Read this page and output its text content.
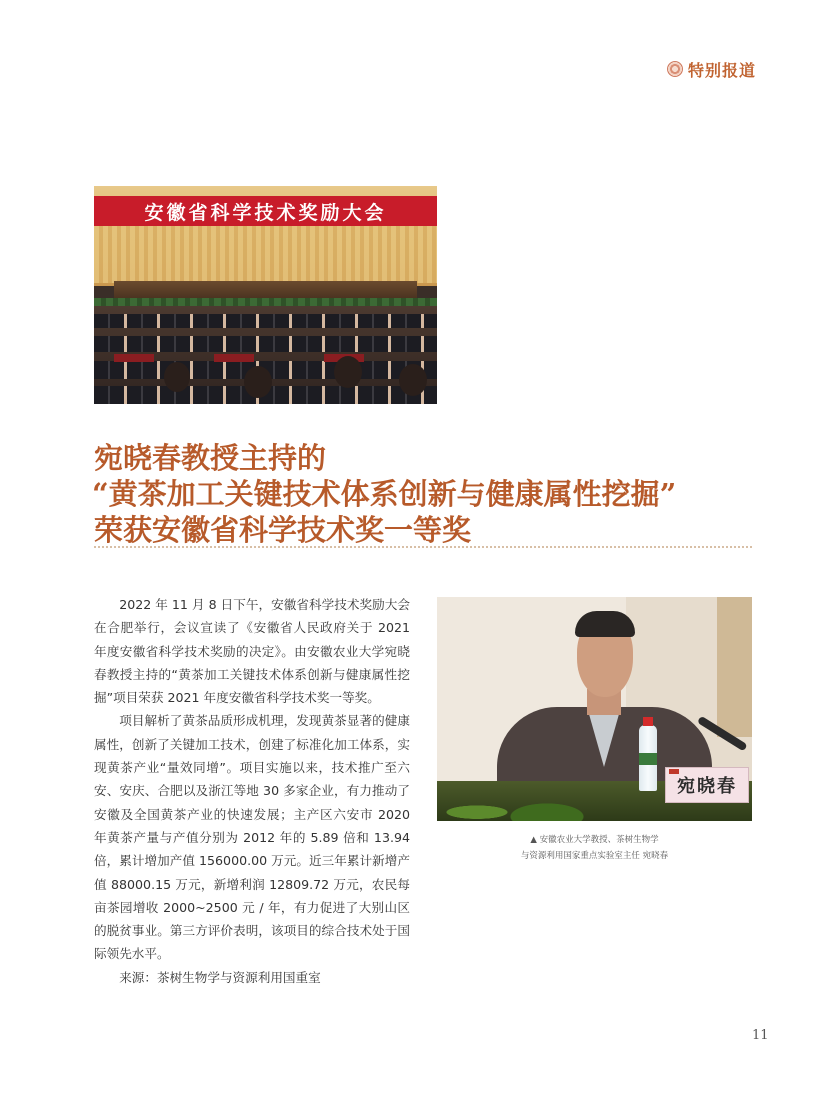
特别报道
安徽省科学技术奖励大会
宛晓春教授主持的
“黄茶加工关键技术体系创新与健康属性挖掘”
荣获安徽省科学技术奖一等奖

2022 年 11 月 8 日下午，安徽省科学技术奖励大会在合肥举行，会议宣读了《安徽省人民政府关于 2021 年度安徽省科学技术奖励的决定》。由安徽农业大学宛晓春教授主持的“黄茶加工关键技术体系创新与健康属性挖掘”项目荣获 2021 年度安徽省科学技术奖一等奖。

项目解析了黄茶品质形成机理，发现黄茶显著的健康属性，创新了关键加工技术，创建了标准化加工体系，实现黄茶产业“量效同增”。项目实施以来，技术推广至六安、安庆、合肥以及浙江等地 30 多家企业，有力推动了安徽及全国黄茶产业的快速发展；主产区六安市 2020 年黄茶产量与产值分别为 2012 年的 5.89 倍和 13.94 倍，累计增加产值 156000.00 万元。近三年累计新增产值 88000.15 万元，新增利润 12809.72 万元，农民每亩茶园增收 2000~2500 元 / 年，有力促进了大别山区的脱贫事业。第三方评价表明，该项目的综合技术处于国际领先水平。

来源：茶树生物学与资源利用国重室

宛晓春
▲ 安徽农业大学教授、茶树生物学
与资源利用国家重点实验室主任 宛晓春
11
